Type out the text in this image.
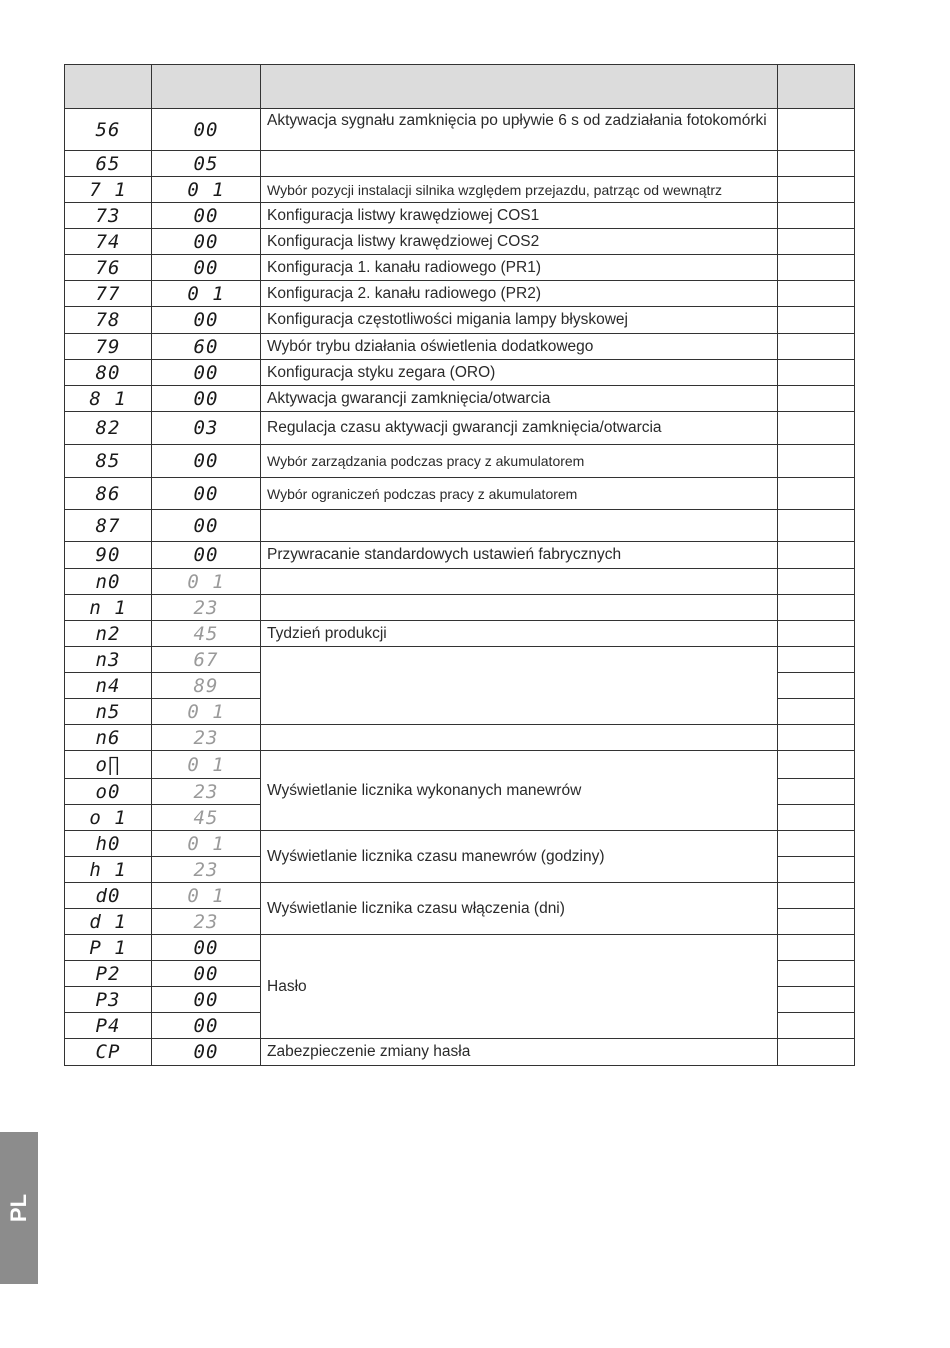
56	00	Aktywacja sygnału zamknięcia po upływie 6 s od zadziałania fotokomórki	
65	05		
7 1	0 1	Wybór pozycji instalacji silnika względem przejazdu, patrząc od wewnątrz	
73	00	Konfiguracja listwy krawędziowej COS1	
74	00	Konfiguracja listwy krawędziowej COS2	
76	00	Konfiguracja 1. kanału radiowego (PR1)	
77	0 1	Konfiguracja 2. kanału radiowego (PR2)	
78	00	Konfiguracja częstotliwości migania lampy błyskowej	
79	60	Wybór trybu działania oświetlenia dodatkowego	
80	00	Konfiguracja styku zegara (ORO)	
8 1	00	Aktywacja gwarancji zamknięcia/otwarcia	
82	03	Regulacja czasu aktywacji gwarancji zamknięcia/otwarcia	
85	00	Wybór zarządzania podczas pracy z akumulatorem	
86	00	Wybór ograniczeń podczas pracy z akumulatorem	
87	00		
90	00	Przywracanie standardowych ustawień fabrycznych	
n0	0 1		
n 1	23		
n2	45	Tydzień produkcji	
n3	67		
n4	89		
n5	0 1		
n6	23		
o∏	0 1	Wyświetlanie licznika wykonanych manewrów	
o0	23		
o 1	45		
h0	0 1	Wyświetlanie licznika czasu manewrów (godziny)	
h 1	23		
d0	0 1	Wyświetlanie licznika czasu włączenia (dni)	
d 1	23		
P 1	00	Hasło	
P2	00		
P3	00		
P4	00		
CP	00	Zabezpieczenie zmiany hasła	
PL
